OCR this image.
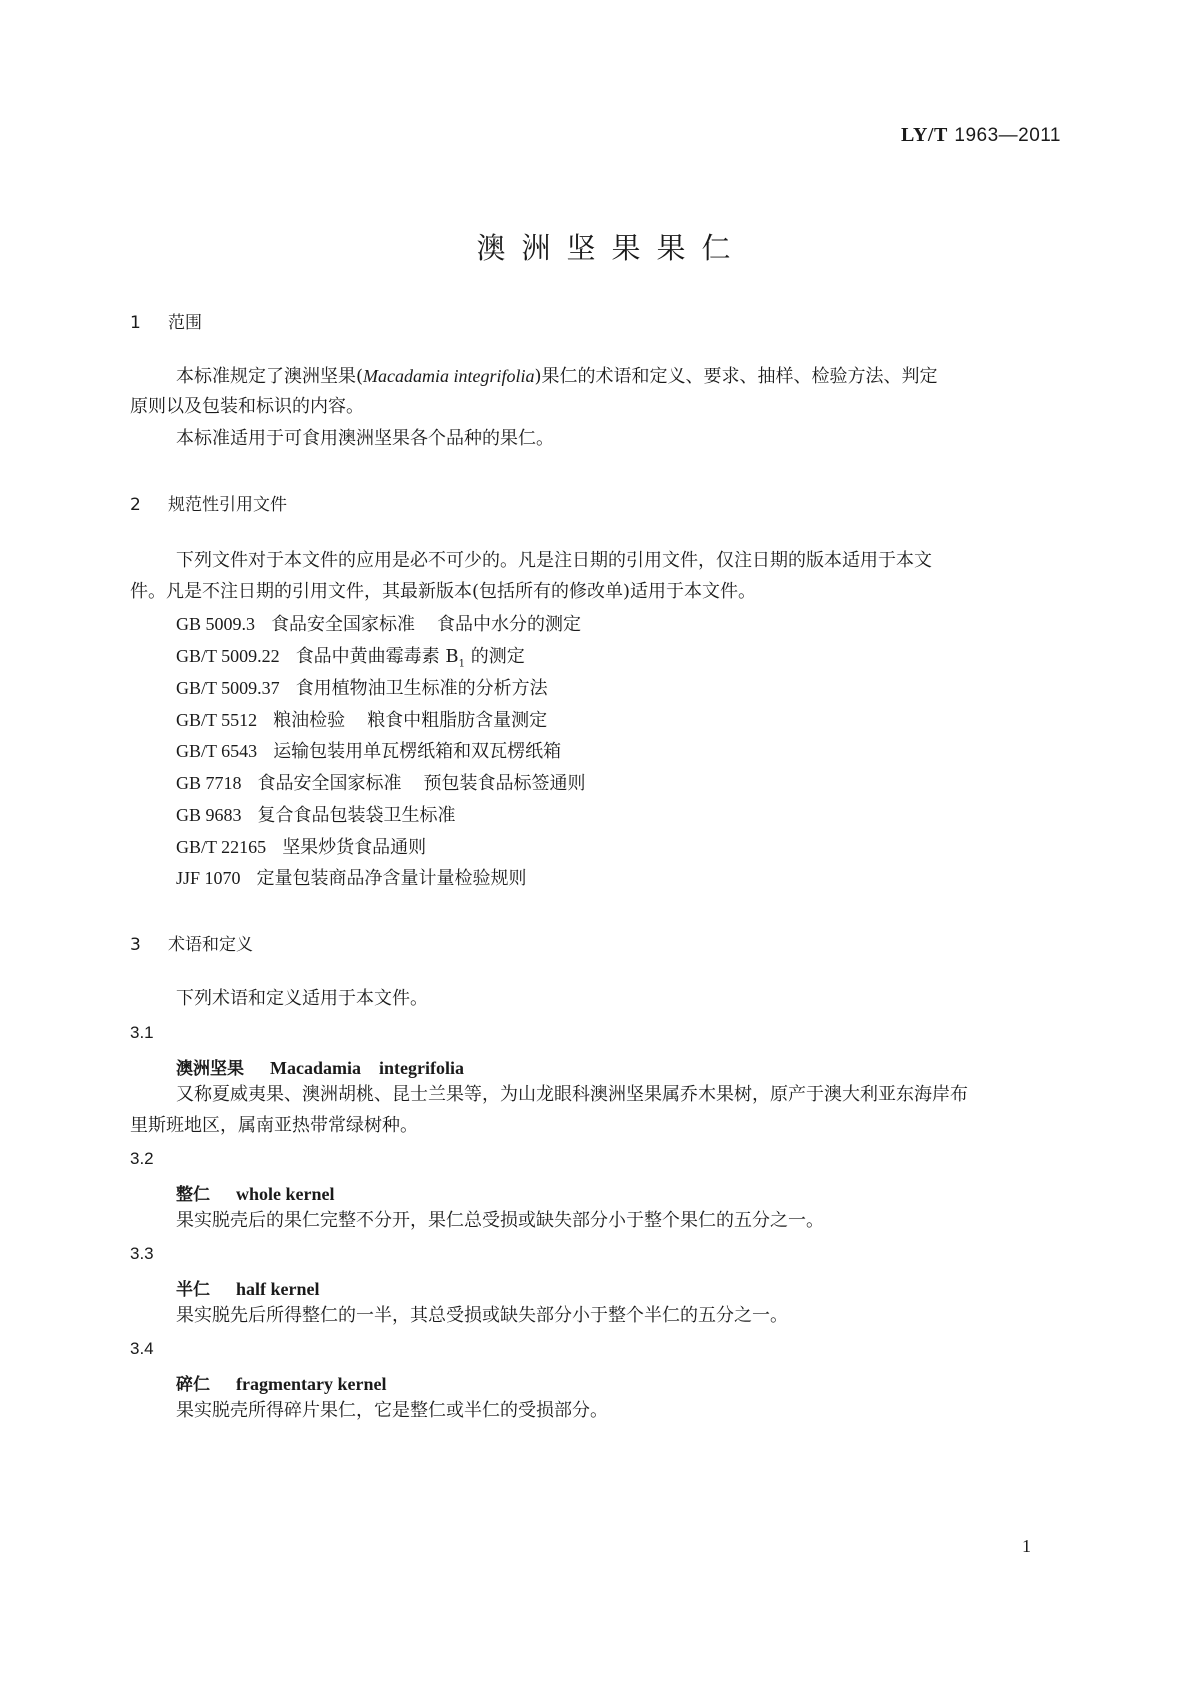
LY/T 1963—2011
澳洲坚果果仁
1 范围
本标准规定了澳洲坚果(Macadamia integrifolia)果仁的术语和定义、要求、抽样、检验方法、判定
原则以及包装和标识的内容。
本标准适用于可食用澳洲坚果各个品种的果仁。
2 规范性引用文件
下列文件对于本文件的应用是必不可少的。凡是注日期的引用文件，仅注日期的版本适用于本文
件。凡是不注日期的引用文件，其最新版本(包括所有的修改单)适用于本文件。
GB 5009.3 食品安全国家标准 食品中水分的测定
GB/T 5009.22 食品中黄曲霉毒素 $B_1$ 的测定
GB/T 5009.37 食用植物油卫生标准的分析方法
GB/T 5512 粮油检验 粮食中粗脂肪含量测定
GB/T 6543 运输包装用单瓦楞纸箱和双瓦楞纸箱
GB 7718 食品安全国家标准 预包装食品标签通则
GB 9683 复合食品包装袋卫生标准
GB/T 22165 坚果炒货食品通则
JJF 1070 定量包装商品净含量计量检验规则
3 术语和定义
下列术语和定义适用于本文件。
3.1
澳洲坚果 Macadamia　integrifolia
又称夏威夷果、澳洲胡桃、昆士兰果等，为山龙眼科澳洲坚果属乔木果树，原产于澳大利亚东海岸布
里斯班地区，属南亚热带常绿树种。
3.2
整仁 whole kernel
果实脱壳后的果仁完整不分开，果仁总受损或缺失部分小于整个果仁的五分之一。
3.3
半仁 half kernel
果实脱先后所得整仁的一半，其总受损或缺失部分小于整个半仁的五分之一。
3.4
碎仁 fragmentary kernel
果实脱壳所得碎片果仁，它是整仁或半仁的受损部分。
1
